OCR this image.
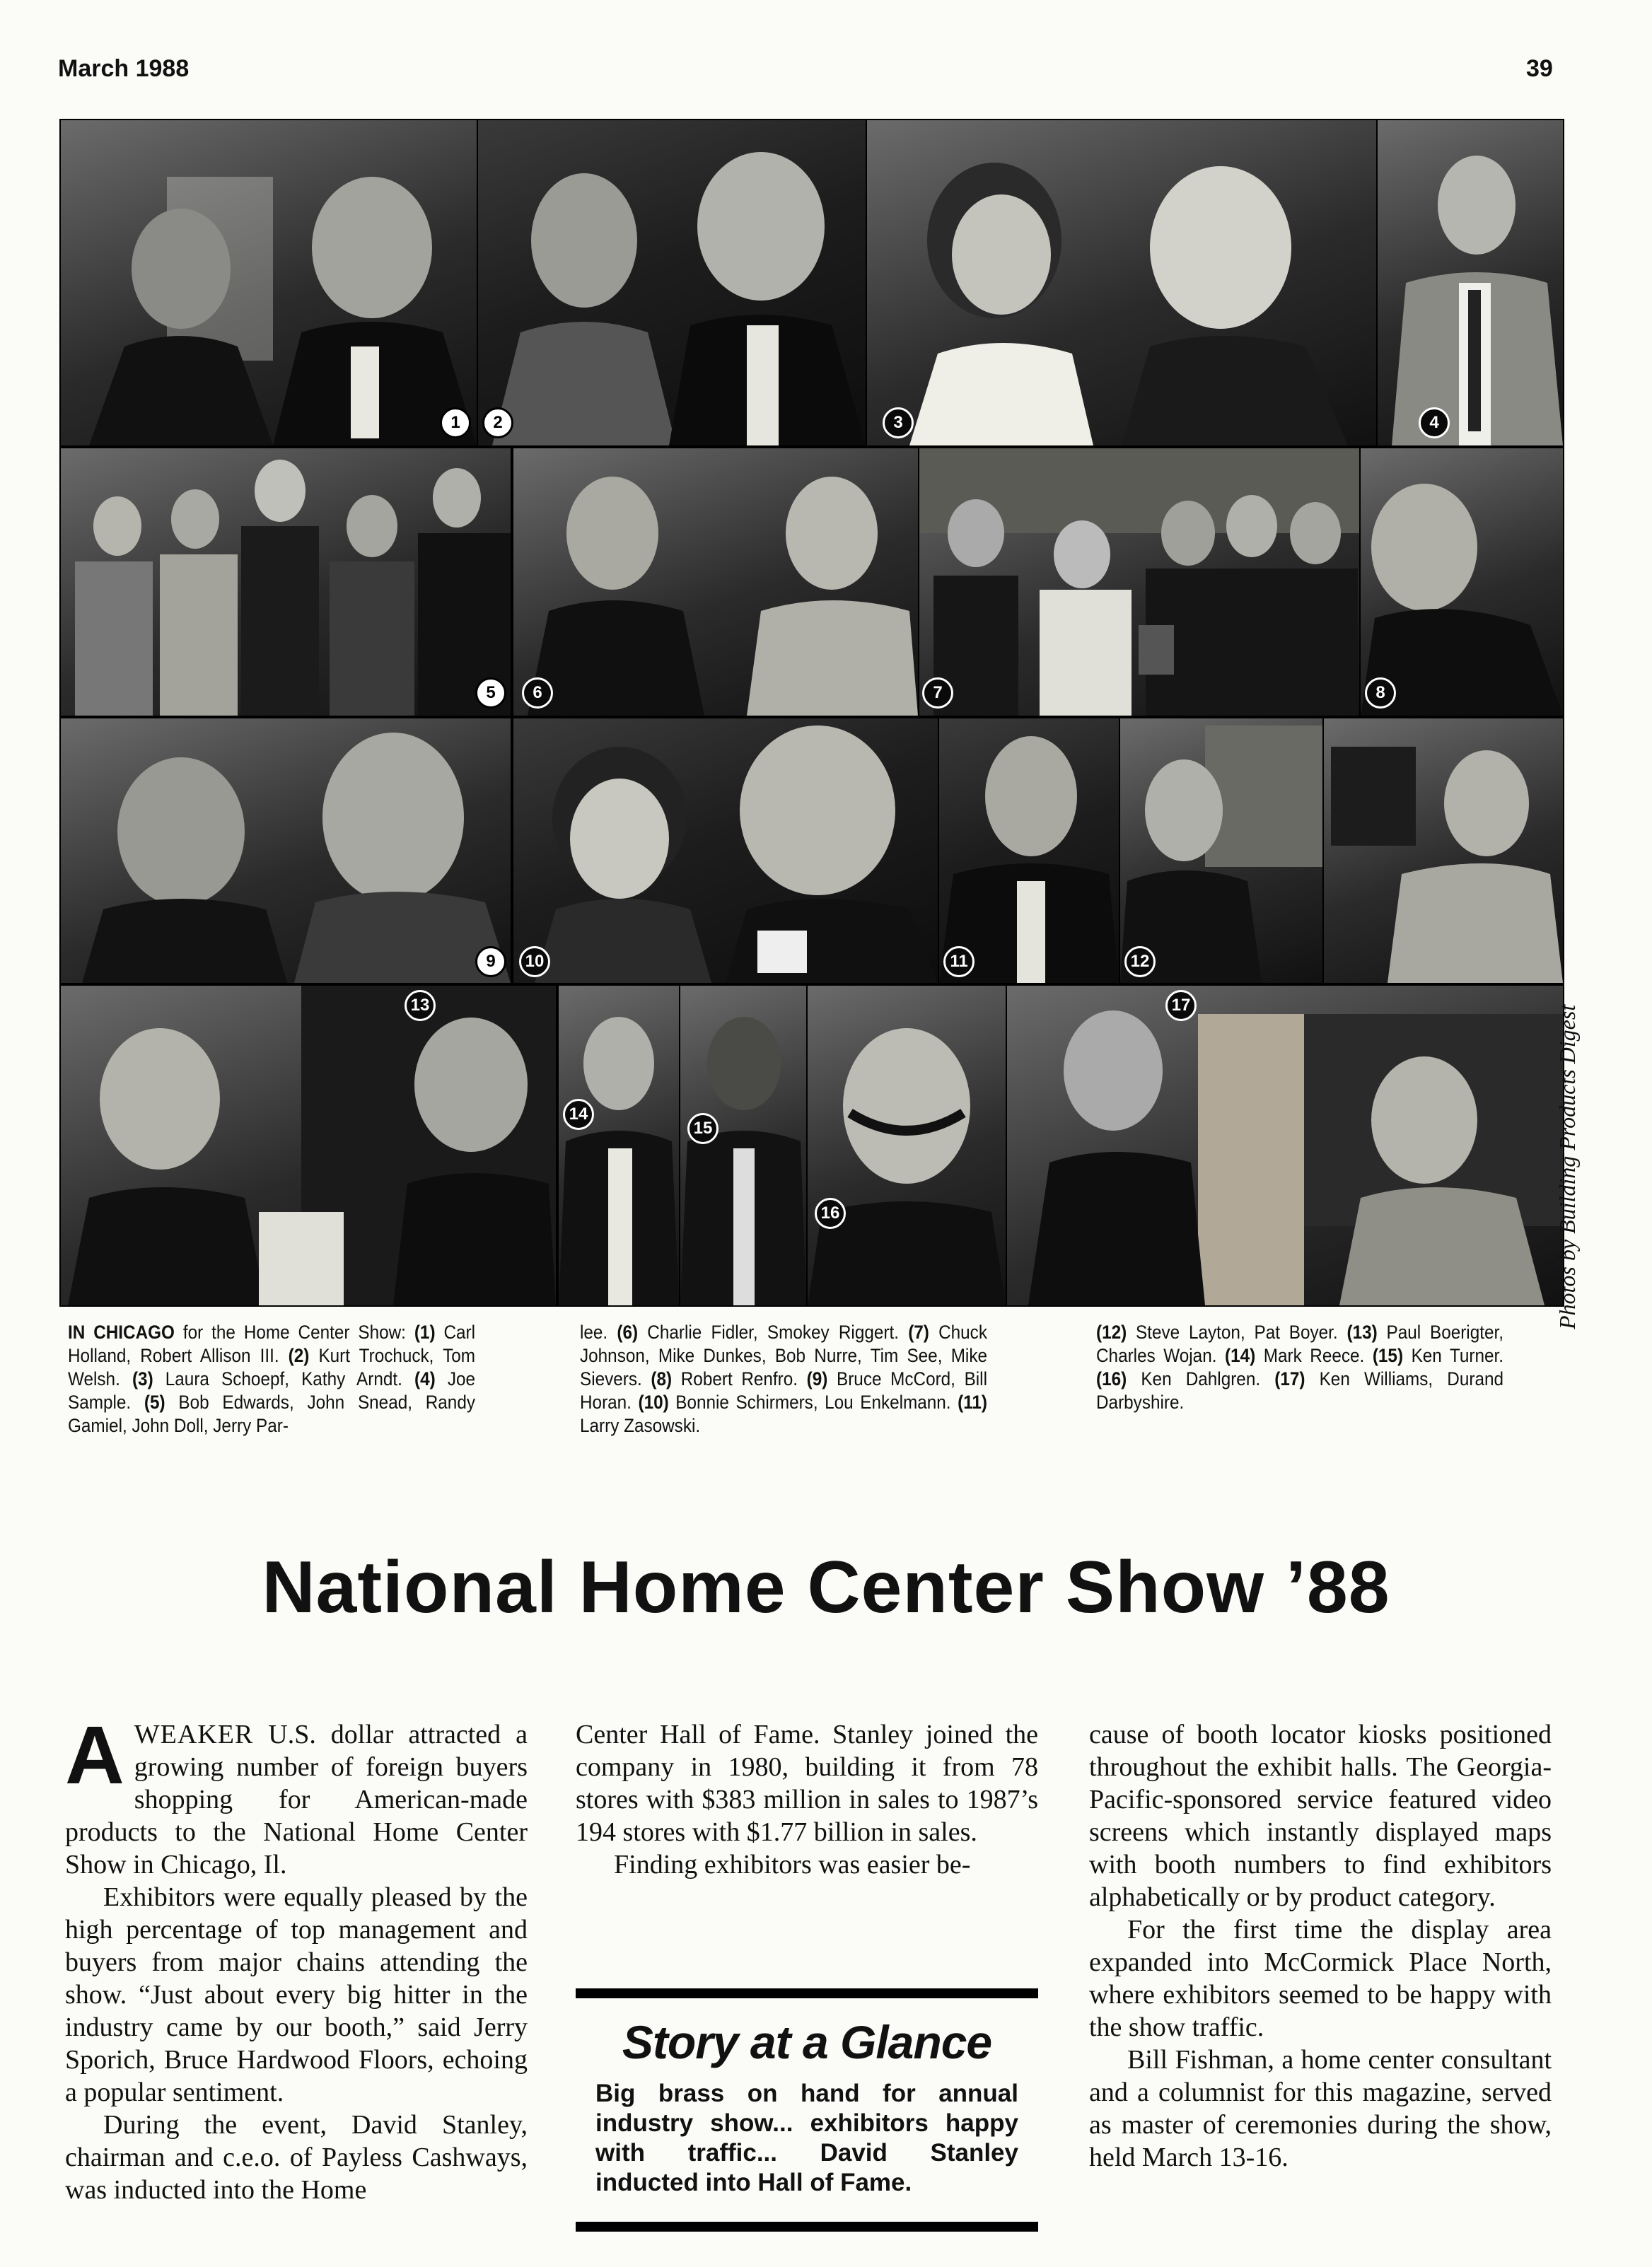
March 1988	39
1	2	3	4
5	6	7	8
9	10	11	12
13
14
15
16
17	Photos by Building Products Digest
IN CHICAGO for the Home Center Show: (1) Carl Holland, Robert Allison III. (2) Kurt Trochuck, Tom Welsh. (3) Laura Schoepf, Kathy Arndt. (4) Joe Sample. (5) Bob Edwards, John Snead, Randy Gamiel, John Doll, Jerry Par-
lee. (6) Charlie Fidler, Smokey Riggert. (7) Chuck Johnson, Mike Dunkes, Bob Nurre, Tim See, Mike Sievers. (8) Robert Renfro. (9) Bruce McCord, Bill Horan. (10) Bonnie Schirmers, Lou Enkelmann. (11) Larry Zasowski.
(12) Steve Layton, Pat Boyer. (13) Paul Boerigter, Charles Wojan. (14) Mark Reece. (15) Ken Turner. (16) Ken Dahlgren. (17) Ken Williams, Durand Darbyshire.
National Home Center Show ’88

AWEAKER U.S. dollar attracted a growing number of foreign buyers shopping for American-made products to the National Home Center Show in Chicago, Il.

Exhibitors were equally pleased by the high percentage of top management and buyers from major chains attending the show. “Just about every big hitter in the industry came by our booth,” said Jerry Sporich, Bruce Hardwood Floors, echoing a popular sentiment.

During the event, David Stanley, chairman and c.e.o. of Payless Cashways, was inducted into the Home

Center Hall of Fame. Stanley joined the company in 1980, building it from 78 stores with $383 million in sales to 1987’s 194 stores with $1.77 billion in sales.

Finding exhibitors was easier be-

cause of booth locator kiosks positioned throughout the exhibit halls. The Georgia-Pacific-sponsored service featured video screens which instantly displayed maps with booth numbers to find exhibitors alphabetically or by product category.

For the first time the display area expanded into McCormick Place North, where exhibitors seemed to be happy with the show traffic.

Bill Fishman, a home center consultant and a columnist for this magazine, served as master of ceremonies during the show, held March 13-16.

Story at a Glance
Big brass on hand for annual industry show... exhibitors happy with traffic... David Stanley inducted into Hall of Fame.
